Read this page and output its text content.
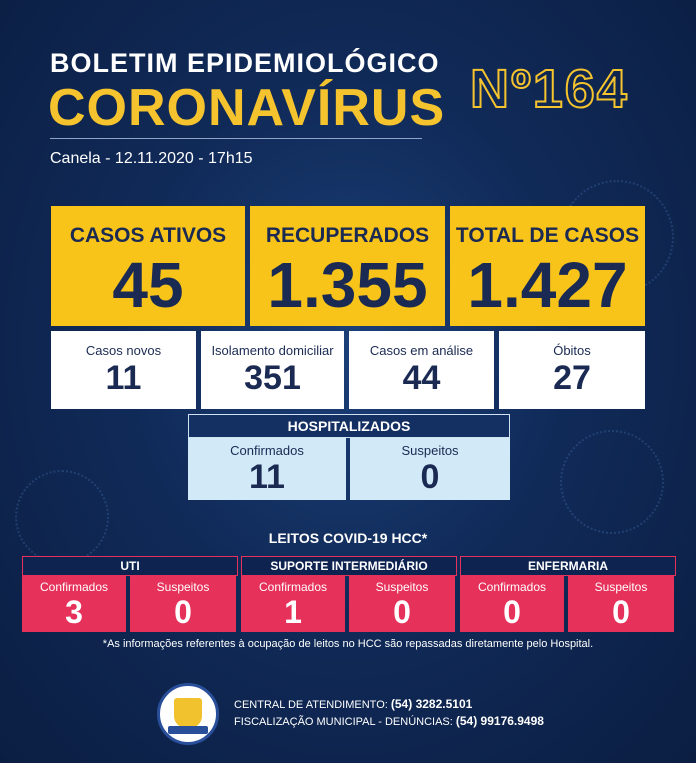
BOLETIM EPIDEMIOLÓGICO
CORONAVÍRUS
Canela - 12.11.2020 - 17h15
Nº164
CASOS ATIVOS
45
RECUPERADOS
1.355
TOTAL DE CASOS
1.427
Casos novos
11
Isolamento domiciliar
351
Casos em análise
44
Óbitos
27
HOSPITALIZADOS
Confirmados
11
Suspeitos
0
LEITOS COVID-19 HCC*
UTI	SUPORTE INTERMEDIÁRIO	ENFERMARIA
Confirmados
3
Suspeitos
0
Confirmados
1
Suspeitos
0
Confirmados
0
Suspeitos
0
*As informações referentes à ocupação de leitos no HCC são repassadas diretamente pelo Hospital.
CENTRAL DE ATENDIMENTO: (54) 3282.5101
FISCALIZAÇÃO MUNICIPAL - DENÚNCIAS: (54) 99176.9498
